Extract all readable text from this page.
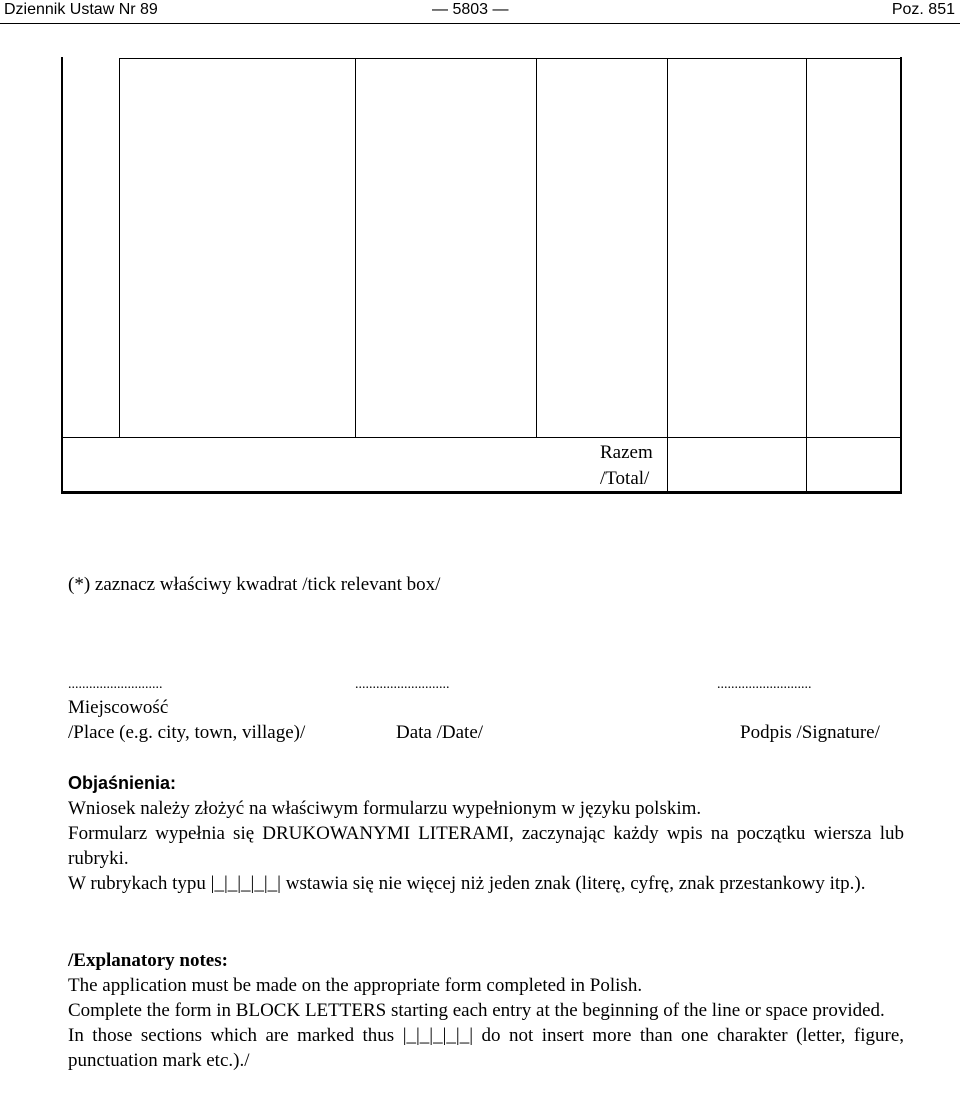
Dziennik Ustaw Nr 89	— 5803 —	Poz. 851
Razem
/Total/
(*) zaznacz właściwy kwadrat /tick relevant box/
...........................	...........................	...........................
Miejscowość
/Place (e.g. city, town, village)/	Data /Date/	Podpis /Signature/

Objaśnienia:

Wniosek należy złożyć na właściwym formularzu wypełnionym w języku polskim.

Formularz wypełnia się DRUKOWANYMI LITERAMI, zaczynając każdy wpis na początku wiersza lub rubryki.

W rubrykach typu |_|_|_|_|_| wstawia się nie więcej niż jeden znak (literę, cyfrę, znak przestankowy itp.).

/Explanatory notes:

The application must be made on the appropriate form completed in Polish.

Complete the form in BLOCK LETTERS starting each entry at the beginning of the line or space provided.

In those sections which are marked thus |_|_|_|_|_| do not insert more than one charakter (letter, figure, punctuation mark etc.)./
